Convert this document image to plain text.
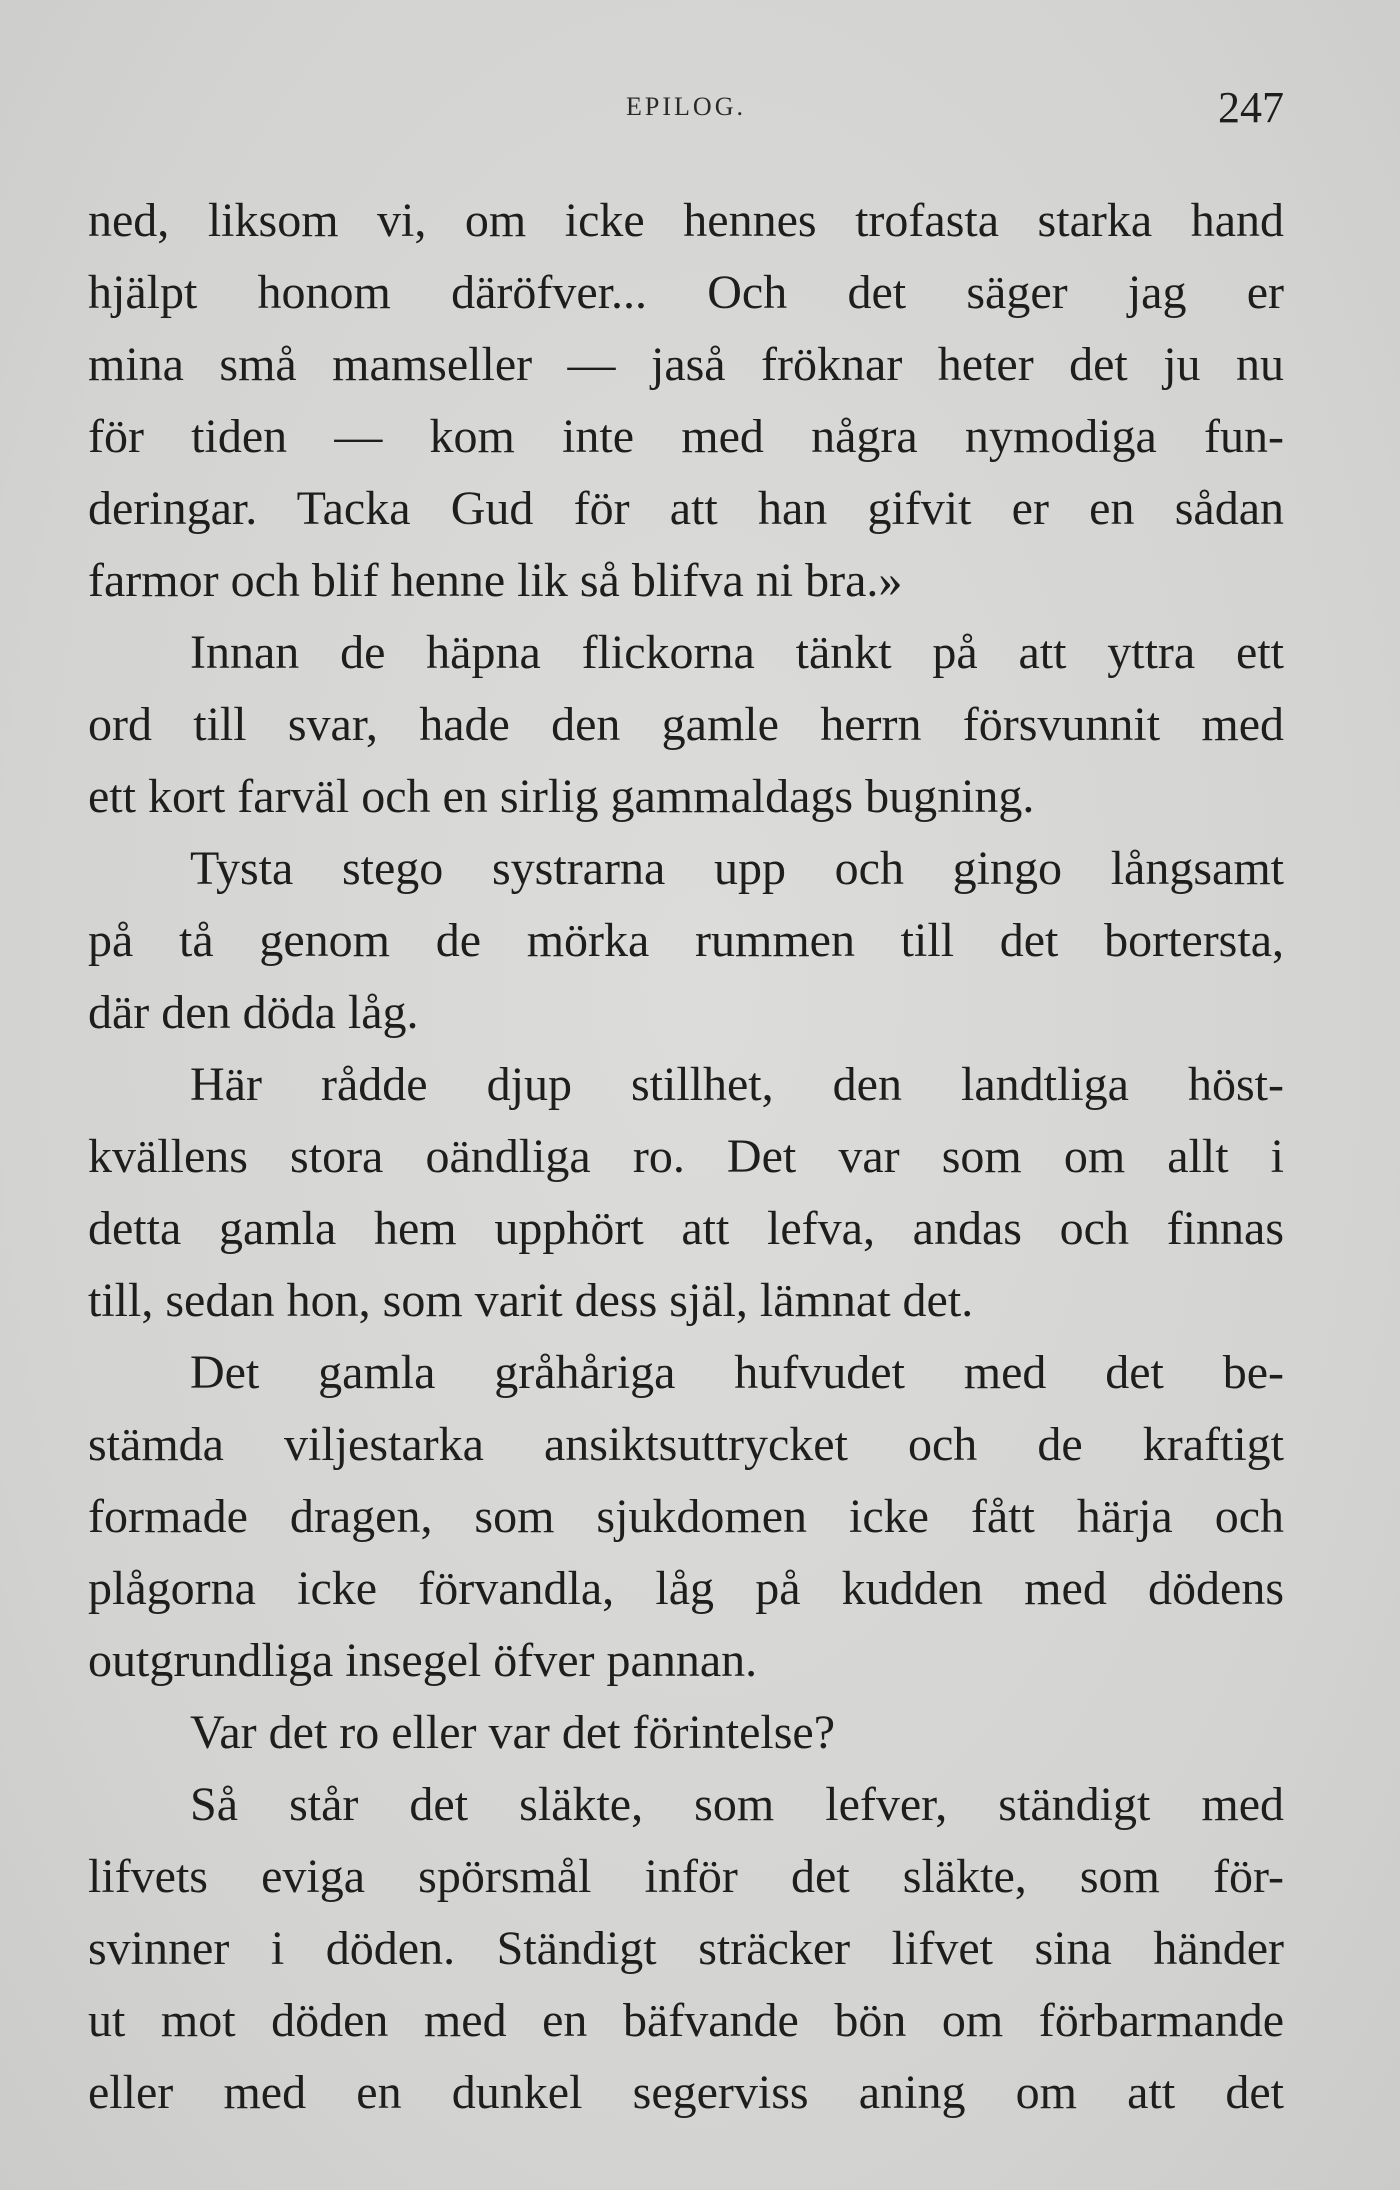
EPILOG.	247
ned, liksom vi, om icke hennes trofasta starka hand
hjälpt honom däröfver... Och det säger jag er
mina små mamseller — jaså fröknar heter det ju nu
för tiden — kom inte med några nymodiga fun-
deringar. Tacka Gud för att han gifvit er en sådan
farmor och blif henne lik så blifva ni bra.»
Innan de häpna flickorna tänkt på att yttra ett
ord till svar, hade den gamle herrn försvunnit med
ett kort farväl och en sirlig gammaldags bugning.
Tysta stego systrarna upp och gingo långsamt
på tå genom de mörka rummen till det bortersta,
där den döda låg.
Här rådde djup stillhet, den landtliga höst-
kvällens stora oändliga ro. Det var som om allt i
detta gamla hem upphört att lefva, andas och finnas
till, sedan hon, som varit dess själ, lämnat det.
Det gamla gråhåriga hufvudet med det be-
stämda viljestarka ansiktsuttrycket och de kraftigt
formade dragen, som sjukdomen icke fått härja och
plågorna icke förvandla, låg på kudden med dödens
outgrundliga insegel öfver pannan.
Var det ro eller var det förintelse?
Så står det släkte, som lefver, ständigt med
lifvets eviga spörsmål inför det släkte, som för-
svinner i döden. Ständigt sträcker lifvet sina händer
ut mot döden med en bäfvande bön om förbarmande
eller med en dunkel segerviss aning om att det
